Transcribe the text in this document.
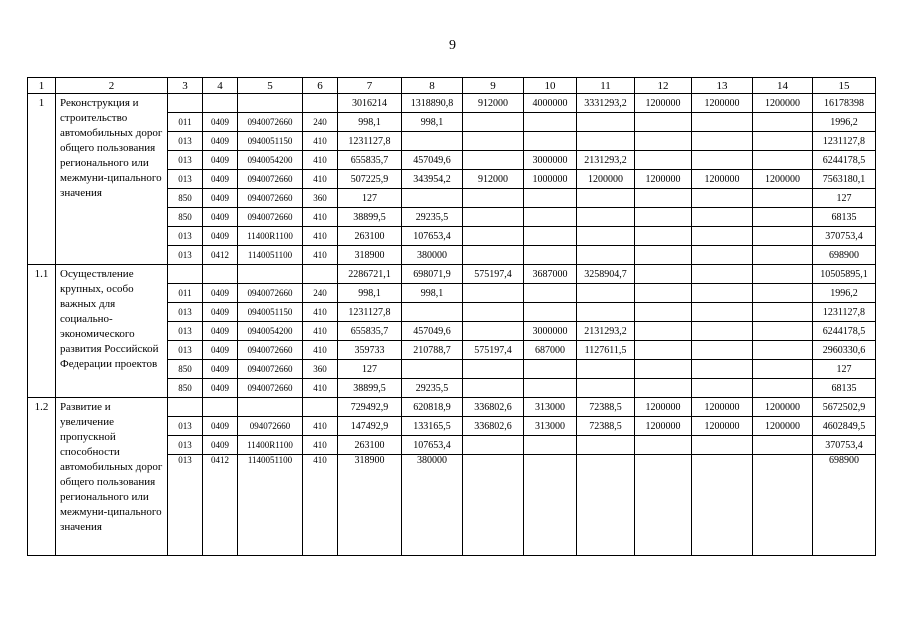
9
1	2	3	4	5	6	7	8	9	10	11	12	13	14	15
1	Реконструкция и строительство автомобильных дорог общего пользования регионального или межмуни-ципального значения					3016214	1318890,8	912000	4000000	3331293,2	1200000	1200000	1200000	16178398
		011	0409	0940072660	240	998,1	998,1							1996,2
		013	0409	0940051150	410	1231127,8								1231127,8
		013	0409	0940054200	410	655835,7	457049,6		3000000	2131293,2				6244178,5
		013	0409	0940072660	410	507225,9	343954,2	912000	1000000	1200000	1200000	1200000	1200000	7563180,1
		850	0409	0940072660	360	127								127
		850	0409	0940072660	410	38899,5	29235,5							68135
		013	0409	11400R1100	410	263100	107653,4							370753,4
		013	0412	1140051100	410	318900	380000							698900
1.1	Осуществление крупных, особо важных для социально-экономического развития Российской Федерации проектов					2286721,1	698071,9	575197,4	3687000	3258904,7				10505895,1
		011	0409	0940072660	240	998,1	998,1							1996,2
		013	0409	0940051150	410	1231127,8								1231127,8
		013	0409	0940054200	410	655835,7	457049,6		3000000	2131293,2				6244178,5
		013	0409	0940072660	410	359733	210788,7	575197,4	687000	1127611,5				2960330,6
		850	0409	0940072660	360	127								127
		850	0409	0940072660	410	38899,5	29235,5							68135
1.2	Развитие и увеличение пропускной способности автомобильных дорог общего пользования регионального или межмуни-ципального значения					729492,9	620818,9	336802,6	313000	72388,5	1200000	1200000	1200000	5672502,9
		013	0409	094072660	410	147492,9	133165,5	336802,6	313000	72388,5	1200000	1200000	1200000	4602849,5
		013	0409	11400R1100	410	263100	107653,4							370753,4
		013	0412	1140051100	410	318900	380000							698900
